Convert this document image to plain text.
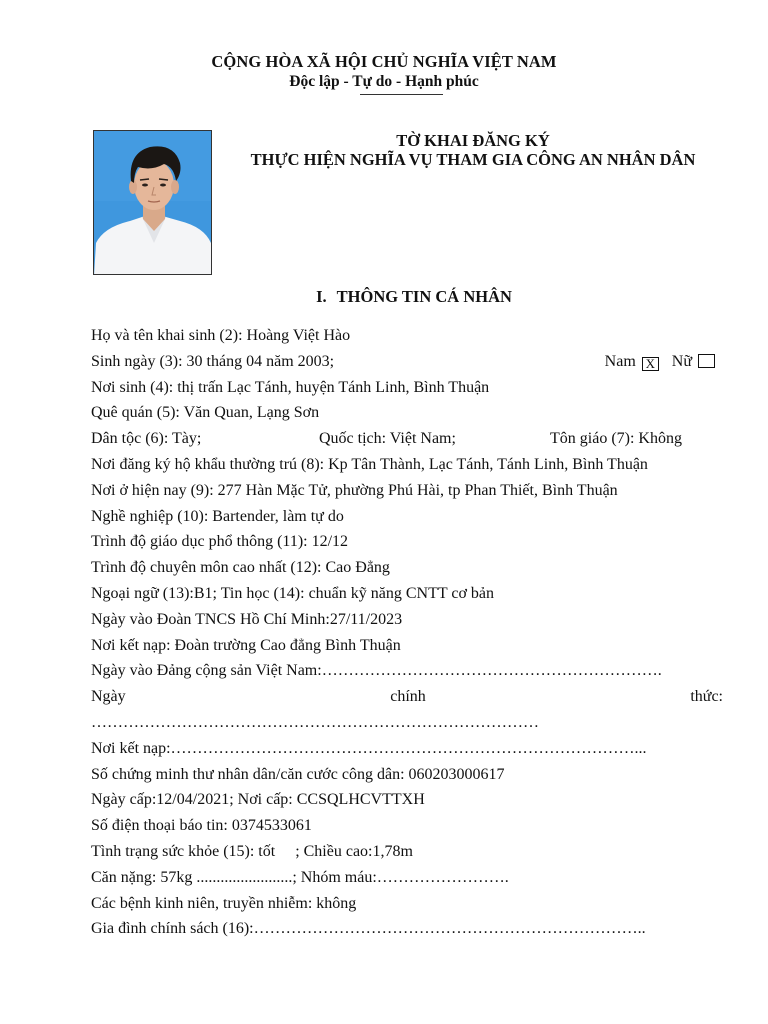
CỘNG HÒA XÃ HỘI CHỦ NGHĨA VIỆT NAM
Độc lập - Tự do - Hạnh phúc
TỜ KHAI ĐĂNG KÝ
THỰC HIỆN NGHĨA VỤ THAM GIA CÔNG AN NHÂN DÂN
I. THÔNG TIN CÁ NHÂN
Họ và tên khai sinh (2): Hoàng Việt Hào
Sinh ngày (3): 30 tháng 04 năm 2003;	Nam X Nữ
Nơi sinh (4): thị trấn Lạc Tánh, huyện Tánh Linh, Bình Thuận
Quê quán (5): Văn Quan, Lạng Sơn
Dân tộc (6): Tày;	Quốc tịch: Việt Nam;	Tôn giáo (7): Không
Nơi đăng ký hộ khẩu thường trú (8): Kp Tân Thành, Lạc Tánh, Tánh Linh, Bình Thuận
Nơi ở hiện nay (9): 277 Hàn Mặc Tử, phường Phú Hài, tp Phan Thiết, Bình Thuận
Nghề nghiệp (10): Bartender, làm tự do
Trình độ giáo dục phổ thông (11): 12/12
Trình độ chuyên môn cao nhất (12): Cao Đẳng
Ngoại ngữ (13):B1; Tin học (14): chuẩn kỹ năng CNTT cơ bản
Ngày vào Đoàn TNCS Hồ Chí Minh:27/11/2023
Nơi kết nạp: Đoàn trường Cao đẳng Bình Thuận
Ngày vào Đảng cộng sản Việt Nam:……………………………………………………….
Ngày	chính	thức:
…………………………………………………………………………
Nơi kết nạp:……………………………………………………………………………...
Số chứng minh thư nhân dân/căn cước công dân: 060203000617
Ngày cấp:12/04/2021; Nơi cấp: CCSQLHCVTTXH
Số điện thoại báo tin: 0374533061
Tình trạng sức khỏe (15): tốt     ; Chiều cao:1,78m
Căn nặng: 57kg ........................; Nhóm máu:…………………….
Các bệnh kinh niên, truyền nhiễm: không
Gia đình chính sách (16):………………………………………………………………..
